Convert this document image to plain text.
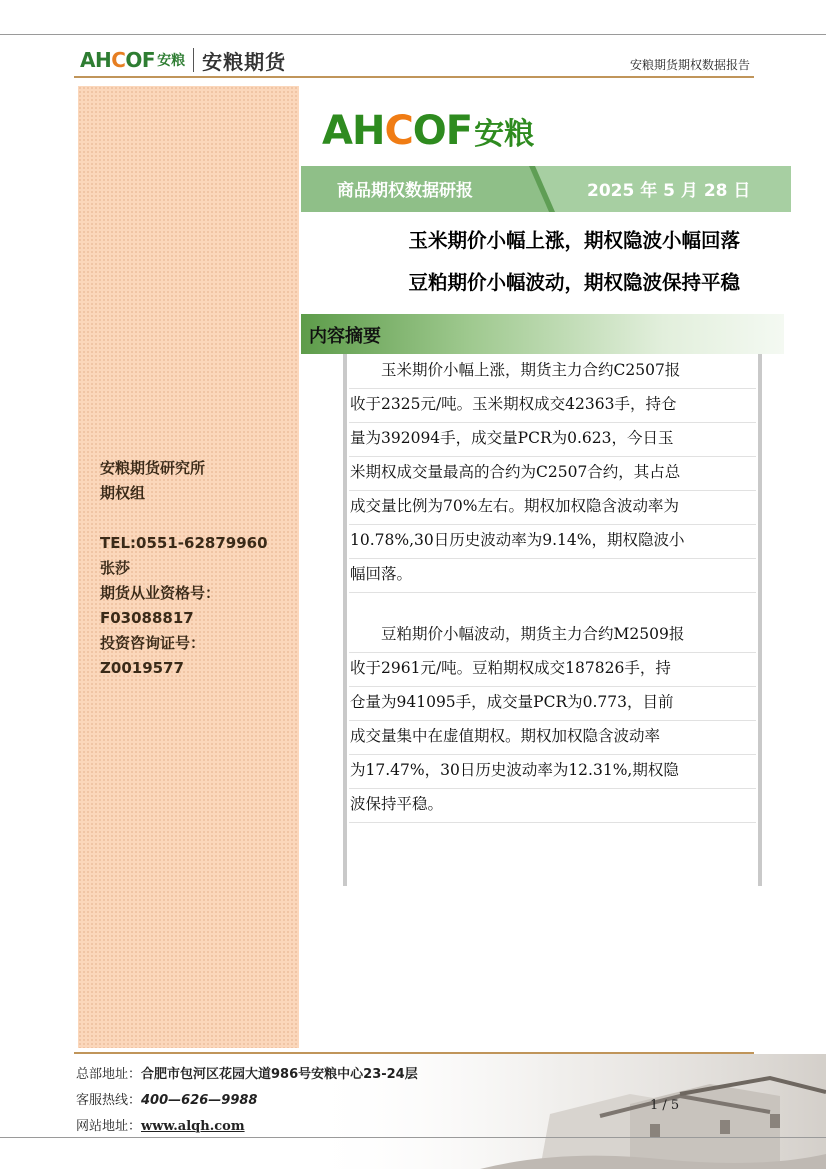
AHCOF 安粮 安粮期货	安粮期货期权数据报告
安粮期货研究所
期权组
TEL:0551-62879960
张莎
期货从业资格号：
F03088817
投资咨询证号：
Z0019577
AHCOF 安粮
商品期权数据研报	2025 年 5 月 28 日
玉米期价小幅上涨，期权隐波小幅回落
豆粕期价小幅波动，期权隐波保持平稳
内容摘要
　　玉米期价小幅上涨，期货主力合约C2507报
收于2325元/吨。玉米期权成交42363手，持仓
量为392094手，成交量PCR为0.623，今日玉
米期权成交量最高的合约为C2507合约，其占总
成交量比例为70%左右。期权加权隐含波动率为
10.78%,30日历史波动率为9.14%，期权隐波小
幅回落。
　　豆粕期价小幅波动，期货主力合约M2509报
收于2961元/吨。豆粕期权成交187826手，持
仓量为941095手，成交量PCR为0.773，目前
成交量集中在虚值期权。期权加权隐含波动率
为17.47%，30日历史波动率为12.31%,期权隐
波保持平稳。
总部地址：合肥市包河区花园大道986号安粮中心23-24层
客服热线：400—626—9988
网站地址：www.alqh.com
1 / 5
